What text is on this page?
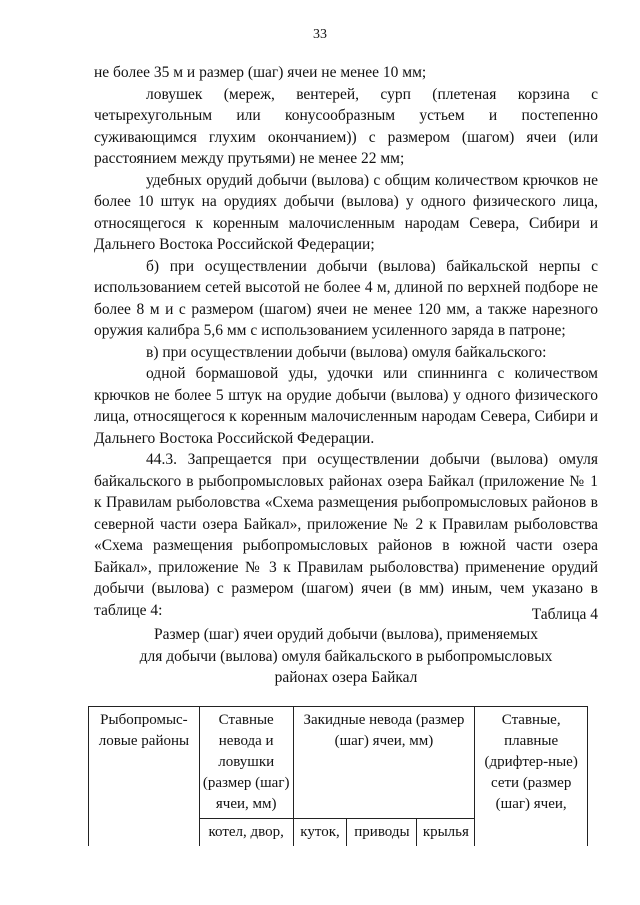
33

не более 35 м и размер (шаг) ячеи не менее 10 мм;

ловушек (мереж, вентерей, сурп (плетеная корзина с четырехугольным или конусообразным устьем и постепенно суживающимся глухим окончанием)) с размером (шагом) ячеи (или расстоянием между прутьями) не менее 22 мм;

удебных орудий добычи (вылова) с общим количеством крючков не более 10 штук на орудиях добычи (вылова) у одного физического лица, относящегося к коренным малочисленным народам Севера, Сибири и Дальнего Востока Российской Федерации;

б) при осуществлении добычи (вылова) байкальской нерпы с использованием сетей высотой не более 4 м, длиной по верхней подборе не более 8 м и с размером (шагом) ячеи не менее 120 мм, а также нарезного оружия калибра 5,6 мм с использованием усиленного заряда в патроне;

в) при осуществлении добычи (вылова) омуля байкальского:

одной бормашовой уды, удочки или спиннинга с количеством крючков не более 5 штук на орудие добычи (вылова) у одного физического лица, относящегося к коренным малочисленным народам Севера, Сибири и Дальнего Востока Российской Федерации.

44.3. Запрещается при осуществлении добычи (вылова) омуля байкальского в рыбопромысловых районах озера Байкал (приложение № 1 к Правилам рыболовства «Схема размещения рыбопромысловых районов в северной части озера Байкал», приложение № 2 к Правилам рыболовства «Схема размещения рыбопромысловых районов в южной части озера Байкал», приложение № 3 к Правилам рыболовства) применение орудий добычи (вылова) с размером (шагом) ячеи (в мм) иным, чем указано в таблице 4:	Таблица 4
Размер (шаг) ячеи орудий добычи (вылова), применяемых
для добычи (вылова) омуля байкальского в рыбопромысловых
районах озера Байкал
Рыбопромыс-ловые районы	Ставные невода и ловушки (размер (шаг) ячеи, мм)	Закидные невода (размер (шаг) ячеи, мм)			Ставные, плавные (дрифтер-ные) сети (размер (шаг) ячеи,
	котел, двор,	куток,	приводы	крылья	
